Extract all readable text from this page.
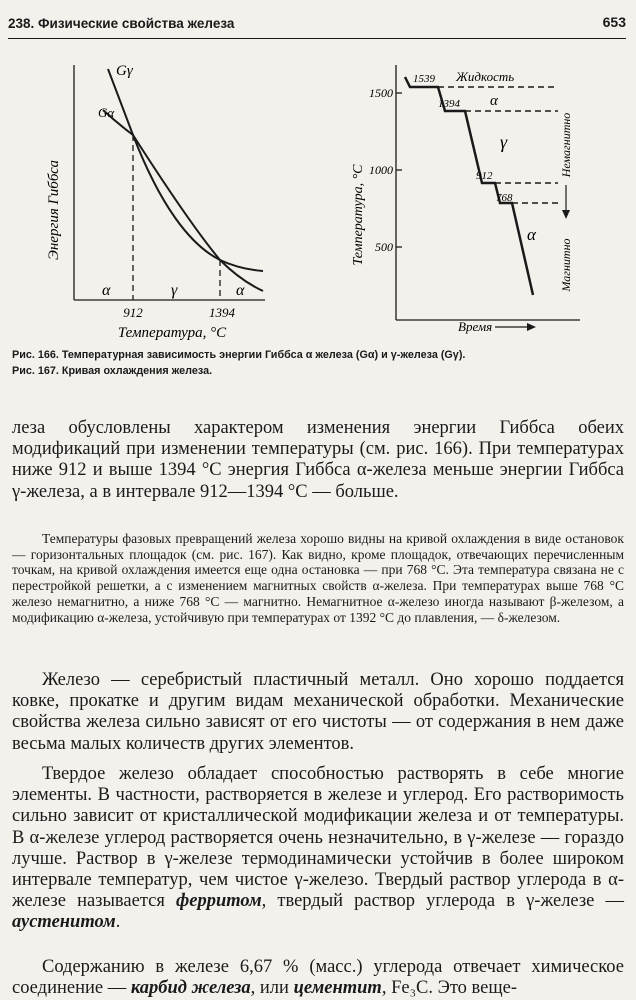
238. Физические свойства железа	653
Gγ
Gα
Энергия Гиббса
α	γ	α
912	1394
Температура, °C
1500
1000
500
Температура, °C
1539 Жидкость
α
1394
γ
912
768
α
Немагнитно
Магнитно
Время
Рис. 166. Температурная зависимость энергии Гиббса α железа (Gα) и γ-железа (Gγ).
Рис. 167. Кривая охлаждения железа.
леза обусловлены характером изменения энергии Гиббса обеих модификаций при изменении температуры (см. рис. 166). При температурах ниже 912 и выше 1394 °C энергия Гиббса α-железа меньше энергии Гиббса γ-железа, а в интервале 912—1394 °C — больше.
Температуры фазовых превращений железа хорошо видны на кривой охлаждения в виде остановок — горизонтальных площадок (см. рис. 167). Как видно, кроме площадок, отвечающих перечисленным точкам, на кривой охлаждения имеется еще одна остановка — при 768 °C. Эта температура связана не с перестройкой решетки, а с изменением магнитных свойств α-железа. При температурах выше 768 °C железо немагнитно, а ниже 768 °C — магнитно. Немагнитное α-железо иногда называют β-железом, а модификацию α-железа, устойчивую при температурах от 1392 °C до плавления, — δ-железом.
Железо — серебристый пластичный металл. Оно хорошо поддается ковке, прокатке и другим видам механической обработки. Механические свойства железа сильно зависят от его чистоты — от содержания в нем даже весьма малых количеств других элементов.
Твердое железо обладает способностью растворять в себе многие элементы. В частности, растворяется в железе и углерод. Его растворимость сильно зависит от кристаллической модификации железа и от температуры. В α-железе углерод растворяется очень незначительно, в γ-железе — гораздо лучше. Раствор в γ-железе термодинамически устойчив в более широком интервале температур, чем чистое γ-железо. Твердый раствор углерода в α-железе называется ферритом, твердый раствор углерода в γ-железе — аустенитом.
Содержанию в железе 6,67 % (масс.) углерода отвечает химическое соединение — карбид железа, или цементит, Fe₃C. Это веще-
